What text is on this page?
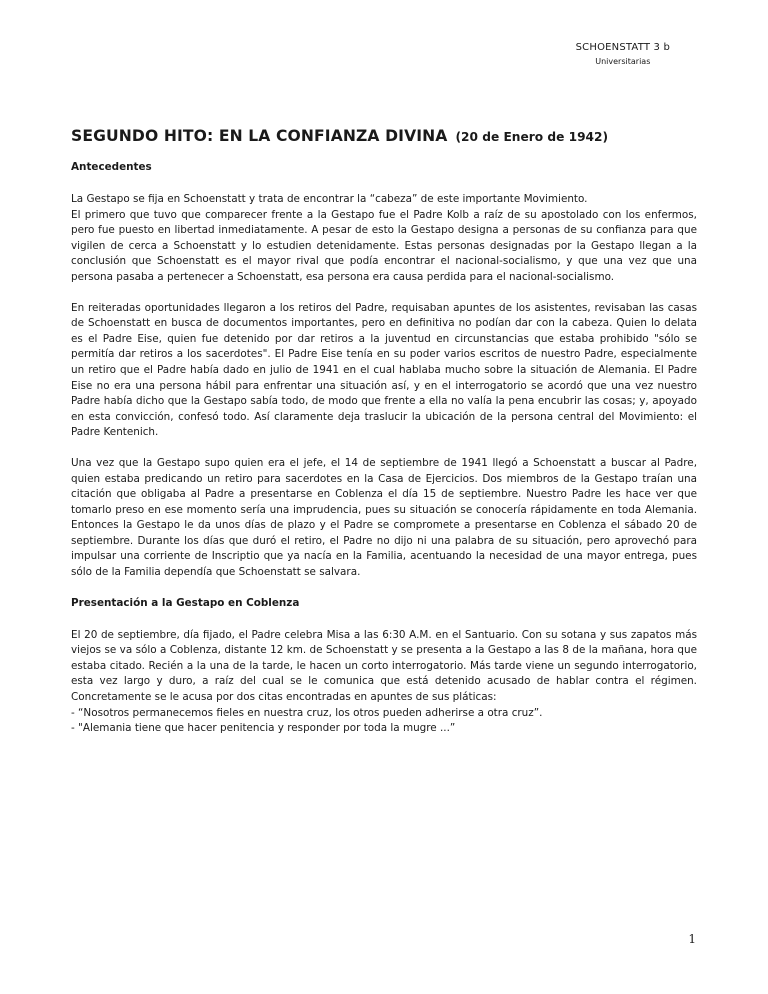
SCHOENSTATT 3 b
Universitarias
SEGUNDO HITO: EN LA CONFIANZA DIVINA (20 de Enero de 1942)
Antecedentes

La Gestapo se fija en Schoenstatt y trata de encontrar la “cabeza” de este importante Movimiento.

El primero que tuvo que comparecer frente a la Gestapo fue el Padre Kolb a raíz de su apostolado con los enfermos, pero fue puesto en libertad inmediatamente. A pesar de esto la Gestapo designa a personas de su confianza para que vigilen de cerca a Schoenstatt y lo estudien detenidamente. Estas personas designadas por la Gestapo llegan a la conclusión que Schoenstatt es el mayor rival que podía encontrar el nacional-socialismo, y que una vez que una persona pasaba a pertenecer a Schoenstatt, esa persona era causa perdida para el nacional-socialismo.

En reiteradas oportunidades llegaron a los retiros del Padre, requisaban apuntes de los asistentes, revisaban las casas de Schoenstatt en busca de documentos importantes, pero en definitiva no podían dar con la cabeza. Quien lo delata es el Padre Eise, quien fue detenido por dar retiros a la juventud en circunstancias que estaba prohibido "sólo se permitía dar retiros a los sacerdotes". El Padre Eise tenía en su poder varios escritos de nuestro Padre, especialmente un retiro que el Padre había dado en julio de 1941 en el cual hablaba mucho sobre la situación de Alemania. El Padre Eise no era una persona hábil para enfrentar una situación así, y en el interrogatorio se acordó que una vez nuestro Padre había dicho que la Gestapo sabía todo, de modo que frente a ella no valía la pena encubrir las cosas; y, apoyado en esta convicción, confesó todo. Así claramente deja traslucir la ubicación de la persona central del Movimiento: el Padre Kentenich.

Una vez que la Gestapo supo quien era el jefe, el 14 de septiembre de 1941 llegó a Schoenstatt a buscar al Padre, quien estaba predicando un retiro para sacerdotes en la Casa de Ejercicios. Dos miembros de la Gestapo traían una citación que obligaba al Padre a presentarse en Coblenza el día 15 de septiembre. Nuestro Padre les hace ver que tomarlo preso en ese momento sería una imprudencia, pues su situación se conocería rápidamente en toda Alemania. Entonces la Gestapo le da unos días de plazo y el Padre se compromete a presentarse en Coblenza el sábado 20 de septiembre. Durante los días que duró el retiro, el Padre no dijo ni una palabra de su situación, pero aprovechó para impulsar una corriente de Inscriptio que ya nacía en la Familia, acentuando la necesidad de una mayor entrega, pues sólo de la Familia dependía que Schoenstatt se salvara.

Presentación a la Gestapo en Coblenza

El 20 de septiembre, día fijado, el Padre celebra Misa a las 6:30 A.M. en el Santuario. Con su sotana y sus zapatos más viejos se va sólo a Coblenza, distante 12 km. de Schoenstatt y se presenta a la Gestapo a las 8 de la mañana, hora que estaba citado. Recién a la una de la tarde, le hacen un corto interrogatorio. Más tarde viene un segundo interrogatorio, esta vez largo y duro, a raíz del cual se le comunica que está detenido acusado de hablar contra el régimen. Concretamente se le acusa por dos citas encontradas en apuntes de sus pláticas:

- “Nosotros permanecemos fieles en nuestra cruz, los otros pueden adherirse a otra cruz”.
- "Alemania tiene que hacer penitencia y responder por toda la mugre ...”

1
